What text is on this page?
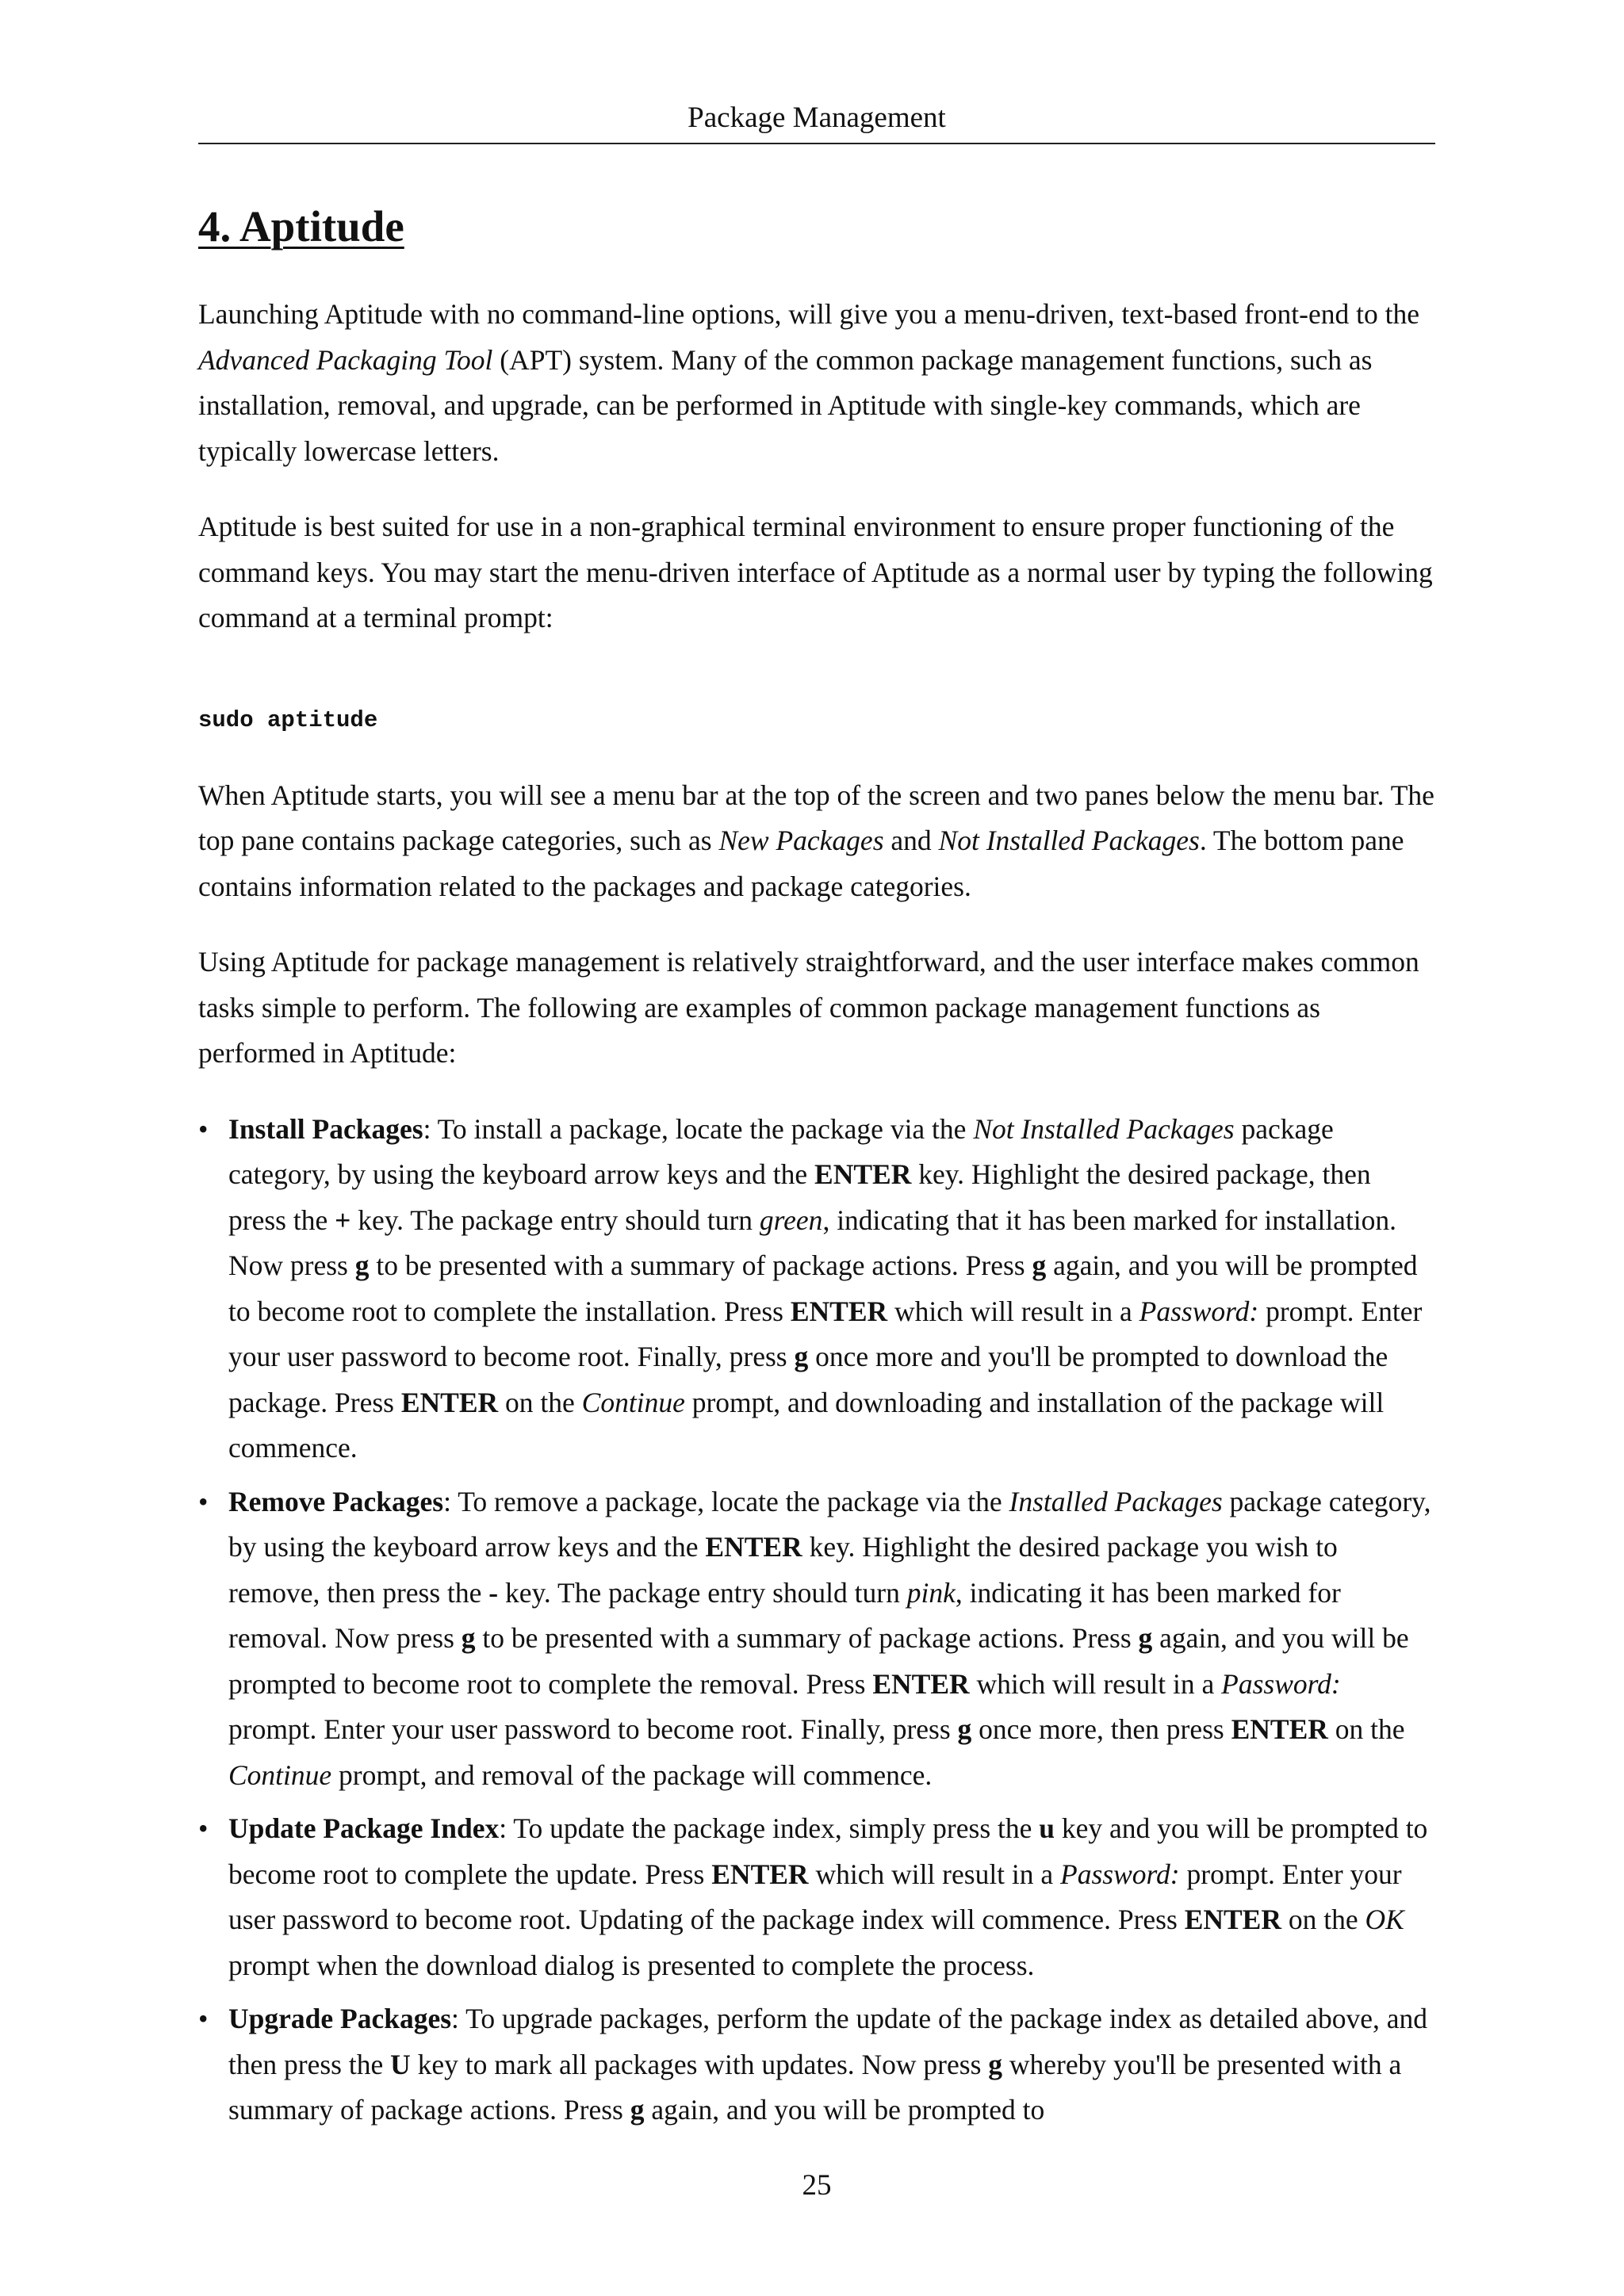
Package Management
4. Aptitude

Launching Aptitude with no command-line options, will give you a menu-driven, text-based front-end to the Advanced Packaging Tool (APT) system. Many of the common package management functions, such as installation, removal, and upgrade, can be performed in Aptitude with single-key commands, which are typically lowercase letters.

Aptitude is best suited for use in a non-graphical terminal environment to ensure proper functioning of the command keys. You may start the menu-driven interface of Aptitude as a normal user by typing the following command at a terminal prompt:

sudo aptitude

When Aptitude starts, you will see a menu bar at the top of the screen and two panes below the menu bar. The top pane contains package categories, such as New Packages and Not Installed Packages. The bottom pane contains information related to the packages and package categories.

Using Aptitude for package management is relatively straightforward, and the user interface makes common tasks simple to perform. The following are examples of common package management functions as performed in Aptitude:

• Install Packages: To install a package, locate the package via the Not Installed Packages package category, by using the keyboard arrow keys and the ENTER key. Highlight the desired package, then press the + key. The package entry should turn green, indicating that it has been marked for installation. Now press g to be presented with a summary of package actions. Press g again, and you will be prompted to become root to complete the installation. Press ENTER which will result in a Password: prompt. Enter your user password to become root. Finally, press g once more and you'll be prompted to download the package. Press ENTER on the Continue prompt, and downloading and installation of the package will commence.
• Remove Packages: To remove a package, locate the package via the Installed Packages package category, by using the keyboard arrow keys and the ENTER key. Highlight the desired package you wish to remove, then press the - key. The package entry should turn pink, indicating it has been marked for removal. Now press g to be presented with a summary of package actions. Press g again, and you will be prompted to become root to complete the removal. Press ENTER which will result in a Password: prompt. Enter your user password to become root. Finally, press g once more, then press ENTER on the Continue prompt, and removal of the package will commence.
• Update Package Index: To update the package index, simply press the u key and you will be prompted to become root to complete the update. Press ENTER which will result in a Password: prompt. Enter your user password to become root. Updating of the package index will commence. Press ENTER on the OK prompt when the download dialog is presented to complete the process.
• Upgrade Packages: To upgrade packages, perform the update of the package index as detailed above, and then press the U key to mark all packages with updates. Now press g whereby you'll be presented with a summary of package actions. Press g again, and you will be prompted to
25
